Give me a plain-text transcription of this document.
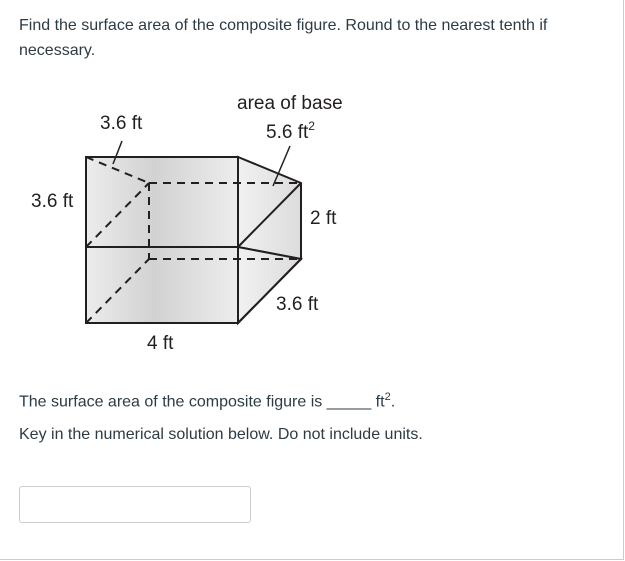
Find the surface area of the composite figure. Round to the nearest tenth if necessary.
3.6 ft
area of base
5.6 $ft^2$
3.6 ft
2 ft
3.6 ft
4 ft
The surface area of the composite figure is _____ $ft^2$.
Key in the numerical solution below. Do not include units.
